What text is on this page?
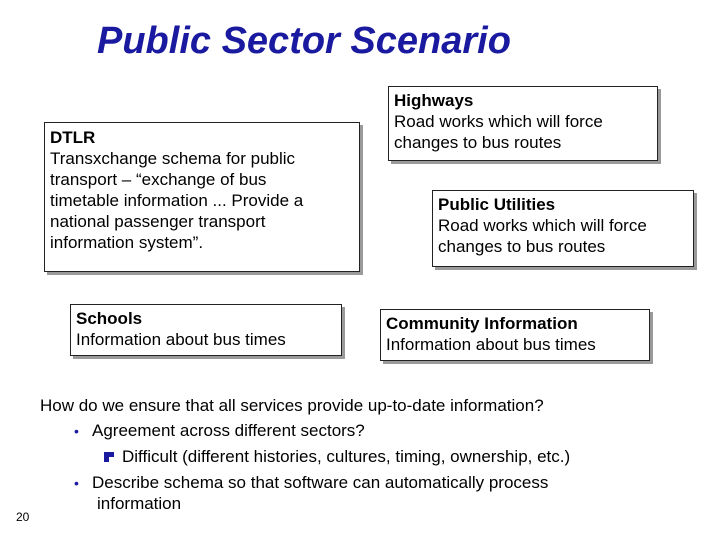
Public Sector Scenario
DTLR
Transxchange schema for public
transport – “exchange of bus
timetable information ... Provide a
national passenger transport
information system”.
Highways
Road works which will force
changes to bus routes
Public Utilities
Road works which will force
changes to bus routes
Schools
Information about bus times
Community Information
Information about bus times
How do we ensure that all services provide up-to-date information?
• Agreement across different sectors?
Difficult (different histories, cultures, timing, ownership, etc.)
• Describe schema so that software can automatically process
information
20
